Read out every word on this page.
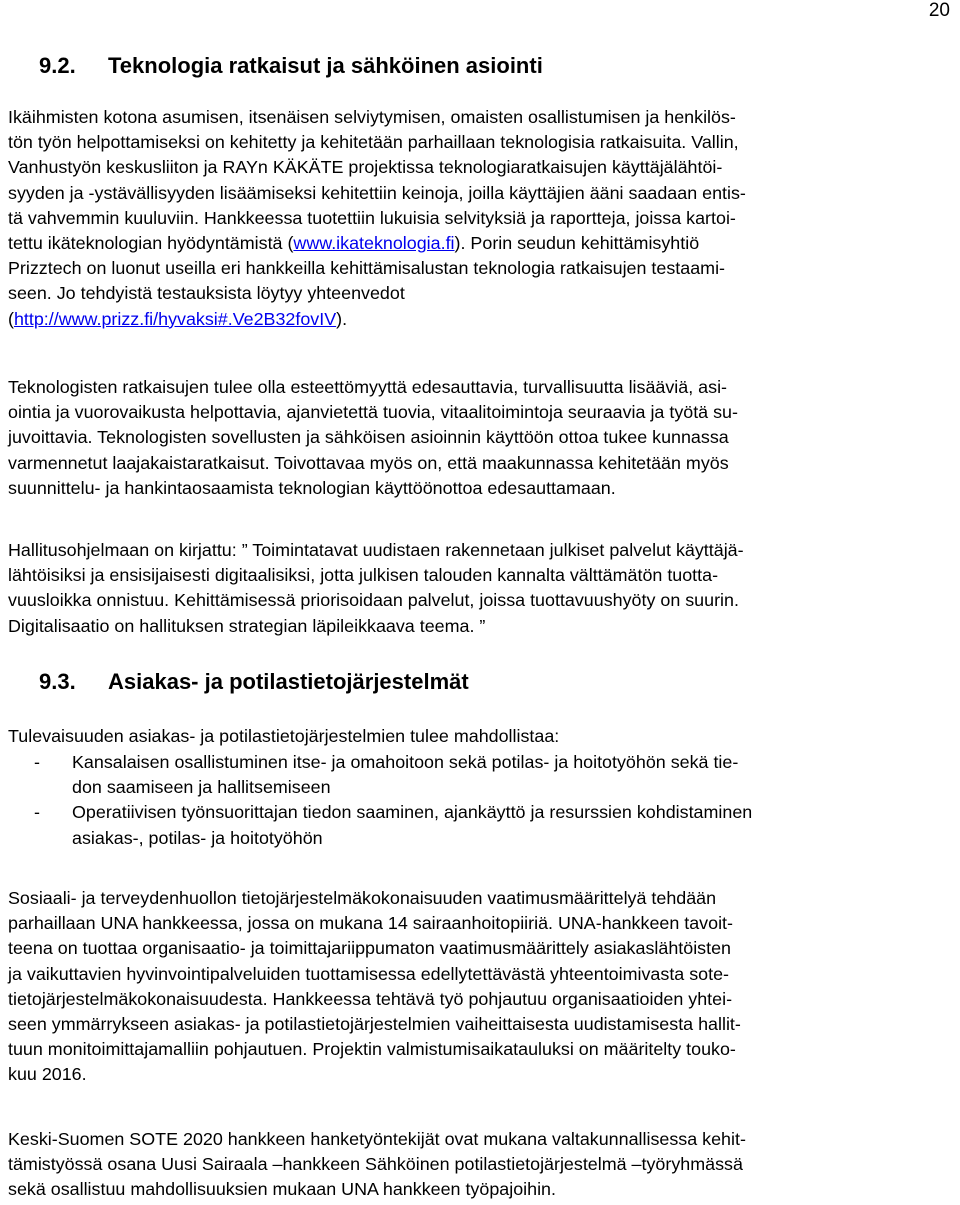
20
9.2. Teknologia ratkaisut ja sähköinen asiointi

Ikäihmisten kotona asumisen, itsenäisen selviytymisen, omaisten osallistumisen ja henkilös-
tön työn helpottamiseksi on kehitetty ja kehitetään parhaillaan teknologisia ratkaisuita. Vallin,
Vanhustyön keskusliiton ja RAYn KÄKÄTE projektissa teknologiaratkaisujen käyttäjälähtöi-
syyden ja -ystävällisyyden lisäämiseksi kehitettiin keinoja, joilla käyttäjien ääni saadaan entis-
tä vahvemmin kuuluviin. Hankkeessa tuotettiin lukuisia selvityksiä ja raportteja, joissa kartoi-
tettu ikäteknologian hyödyntämistä (www.ikateknologia.fi). Porin seudun kehittämisyhtiö
Prizztech on luonut useilla eri hankkeilla kehittämisalustan teknologia ratkaisujen testaami-
seen. Jo tehdyistä testauksista löytyy yhteenvedot
(http://www.prizz.fi/hyvaksi#.Ve2B32fovIV).

Teknologisten ratkaisujen tulee olla esteettömyyttä edesauttavia, turvallisuutta lisääviä, asi-
ointia ja vuorovaikusta helpottavia, ajanvietettä tuovia, vitaalitoimintoja seuraavia ja työtä su-
juvoittavia. Teknologisten sovellusten ja sähköisen asioinnin käyttöön ottoa tukee kunnassa
varmennetut laajakaistaratkaisut. Toivottavaa myös on, että maakunnassa kehitetään myös
suunnittelu- ja hankintaosaamista teknologian käyttöönottoa edesauttamaan.

Hallitusohjelmaan on kirjattu: ” Toimintatavat uudistaen rakennetaan julkiset palvelut käyttäjä-
lähtöisiksi ja ensisijaisesti digitaalisiksi, jotta julkisen talouden kannalta välttämätön tuotta-
vuusloikka onnistuu. Kehittämisessä priorisoidaan palvelut, joissa tuottavuushyöty on suurin.
Digitalisaatio on hallituksen strategian läpileikkaava teema. ”

9.3. Asiakas- ja potilastietojärjestelmät

Tulevaisuuden asiakas- ja potilastietojärjestelmien tulee mahdollistaa:

- Kansalaisen osallistuminen itse- ja omahoitoon sekä potilas- ja hoitotyöhön sekä tie-
don saamiseen ja hallitsemiseen
- Operatiivisen työnsuorittajan tiedon saaminen, ajankäyttö ja resurssien kohdistaminen
asiakas-, potilas- ja hoitotyöhön

Sosiaali- ja terveydenhuollon tietojärjestelmäkokonaisuuden vaatimusmäärittelyä tehdään
parhaillaan UNA hankkeessa, jossa on mukana 14 sairaanhoitopiiriä. UNA-hankkeen tavoit-
teena on tuottaa organisaatio- ja toimittajariippumaton vaatimusmäärittely asiakaslähtöisten
ja vaikuttavien hyvinvointipalveluiden tuottamisessa edellytettävästä yhteentoimivasta sote-
tietojärjestelmäkokonaisuudesta. Hankkeessa tehtävä työ pohjautuu organisaatioiden yhtei-
seen ymmärrykseen asiakas- ja potilastietojärjestelmien vaiheittaisesta uudistamisesta hallit-
tuun monitoimittajamalliin pohjautuen. Projektin valmistumisaikatauluksi on määritelty touko-
kuu 2016.

Keski-Suomen SOTE 2020 hankkeen hanketyöntekijät ovat mukana valtakunnallisessa kehit-
tämistyössä osana Uusi Sairaala –hankkeen Sähköinen potilastietojärjestelmä –työryhmässä
sekä osallistuu mahdollisuuksien mukaan UNA hankkeen työpajoihin.
